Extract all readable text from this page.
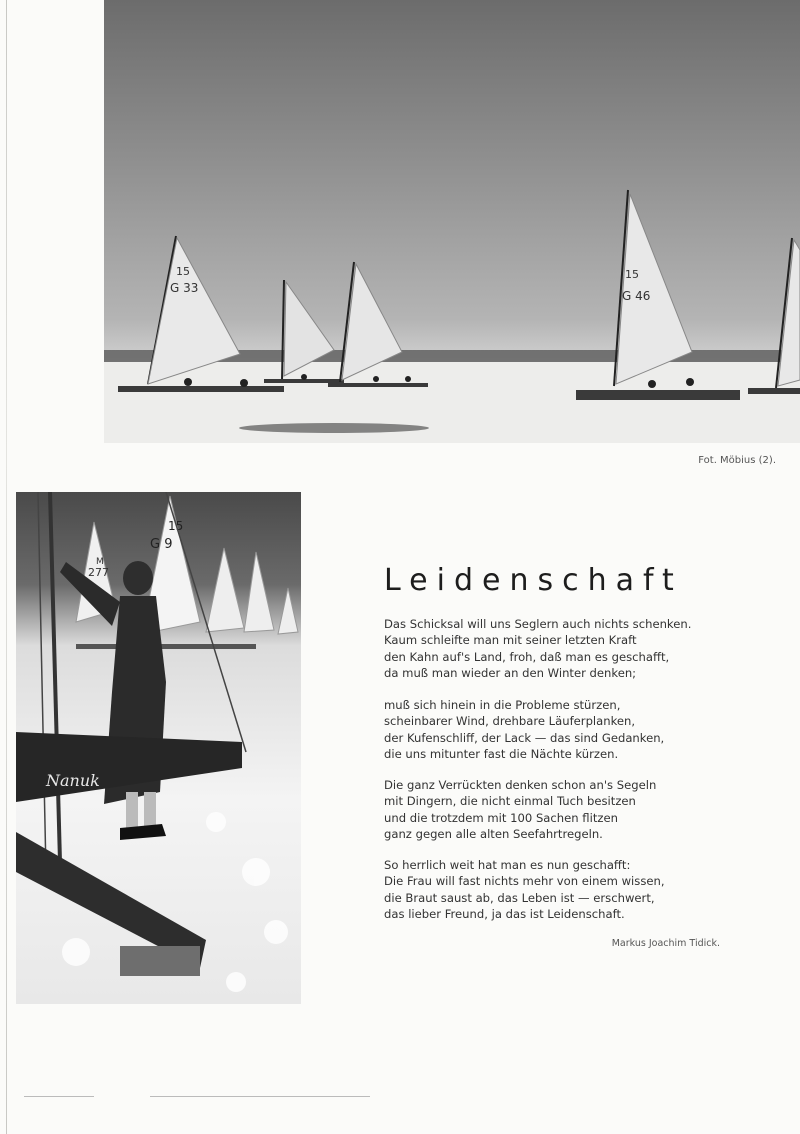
15
G 33
15
G 46
Fot. Möbius (2).
M
277
15
G 9
Nanuk
Leidenschaft
Das Schicksal will uns Seglern auch nichts schenken.
Kaum schleifte man mit seiner letzten Kraft
den Kahn auf's Land, froh, daß man es geschafft,
da muß man wieder an den Winter denken;
muß sich hinein in die Probleme stürzen,
scheinbarer Wind, drehbare Läuferplanken,
der Kufenschliff, der Lack — das sind Gedanken,
die uns mitunter fast die Nächte kürzen.
Die ganz Verrückten denken schon an's Segeln
mit Dingern, die nicht einmal Tuch besitzen
und die trotzdem mit 100 Sachen flitzen
ganz gegen alle alten Seefahrtregeln.
So herrlich weit hat man es nun geschafft:
Die Frau will fast nichts mehr von einem wissen,
die Braut saust ab, das Leben ist — erschwert,
das lieber Freund, ja das ist Leidenschaft.
Markus Joachim Tidick.
